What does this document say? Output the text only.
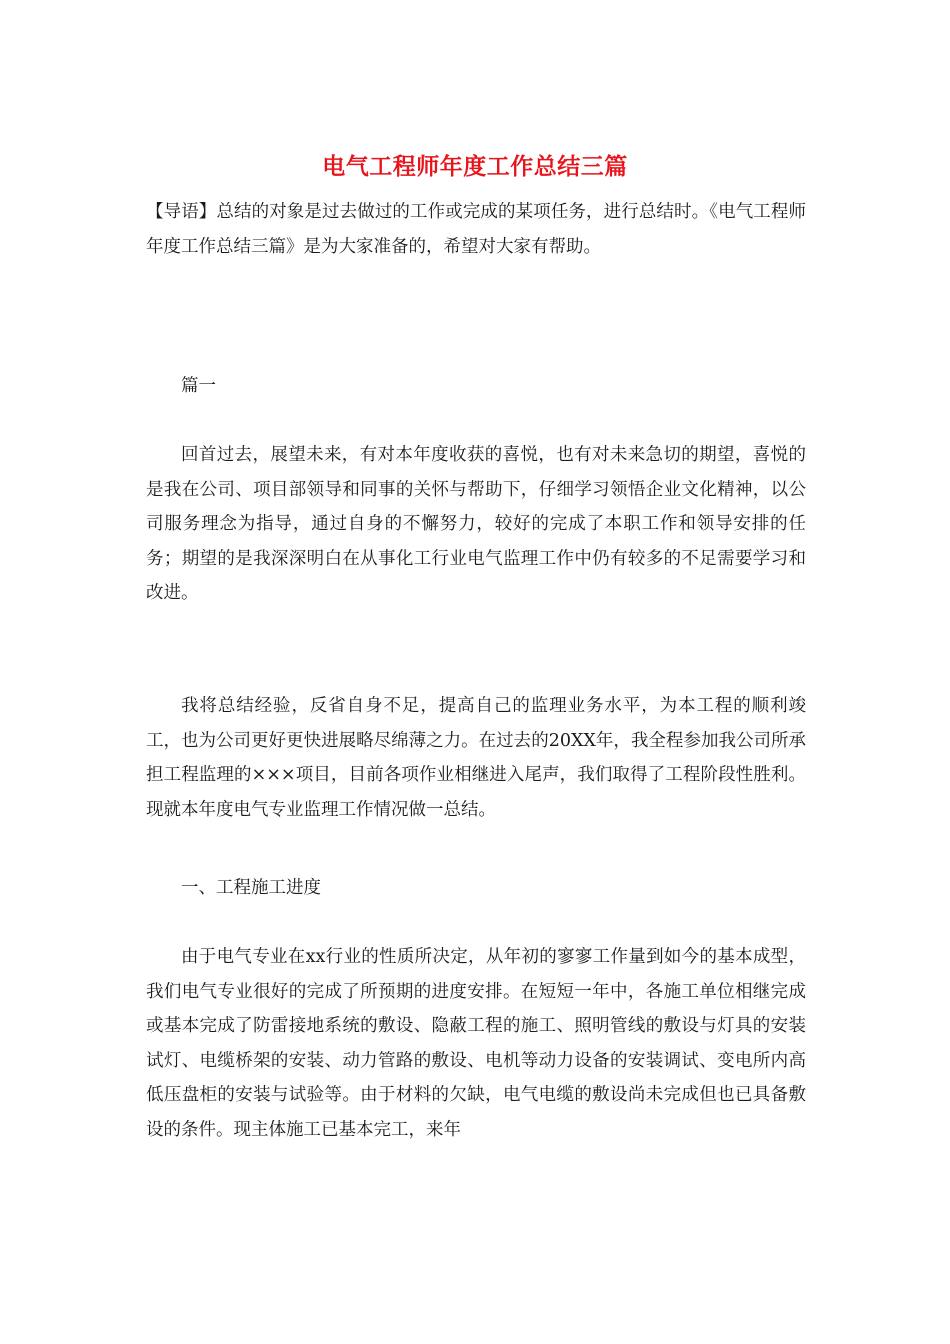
电气工程师年度工作总结三篇

【导语】总结的对象是过去做过的工作或完成的某项任务，进行总结时。《电气工程师年度工作总结三篇》是为大家准备的，希望对大家有帮助。

篇一

回首过去，展望未来，有对本年度收获的喜悦，也有对未来急切的期望，喜悦的是我在公司、项目部领导和同事的关怀与帮助下，仔细学习领悟企业文化精神，以公司服务理念为指导，通过自身的不懈努力，较好的完成了本职工作和领导安排的任务；期望的是我深深明白在从事化工行业电气监理工作中仍有较多的不足需要学习和改进。

我将总结经验，反省自身不足，提高自己的监理业务水平，为本工程的顺利竣工，也为公司更好更快进展略尽绵薄之力。在过去的20XX年，我全程参加我公司所承担工程监理的×××项目，目前各项作业相继进入尾声，我们取得了工程阶段性胜利。现就本年度电气专业监理工作情况做一总结。

一、工程施工进度

由于电气专业在xx行业的性质所决定，从年初的寥寥工作量到如今的基本成型，我们电气专业很好的完成了所预期的进度安排。在短短一年中，各施工单位相继完成或基本完成了防雷接地系统的敷设、隐蔽工程的施工、照明管线的敷设与灯具的安装试灯、电缆桥架的安装、动力管路的敷设、电机等动力设备的安装调试、变电所内高低压盘柜的安装与试验等。由于材料的欠缺，电气电缆的敷设尚未完成但也已具备敷设的条件。现主体施工已基本完工，来年
